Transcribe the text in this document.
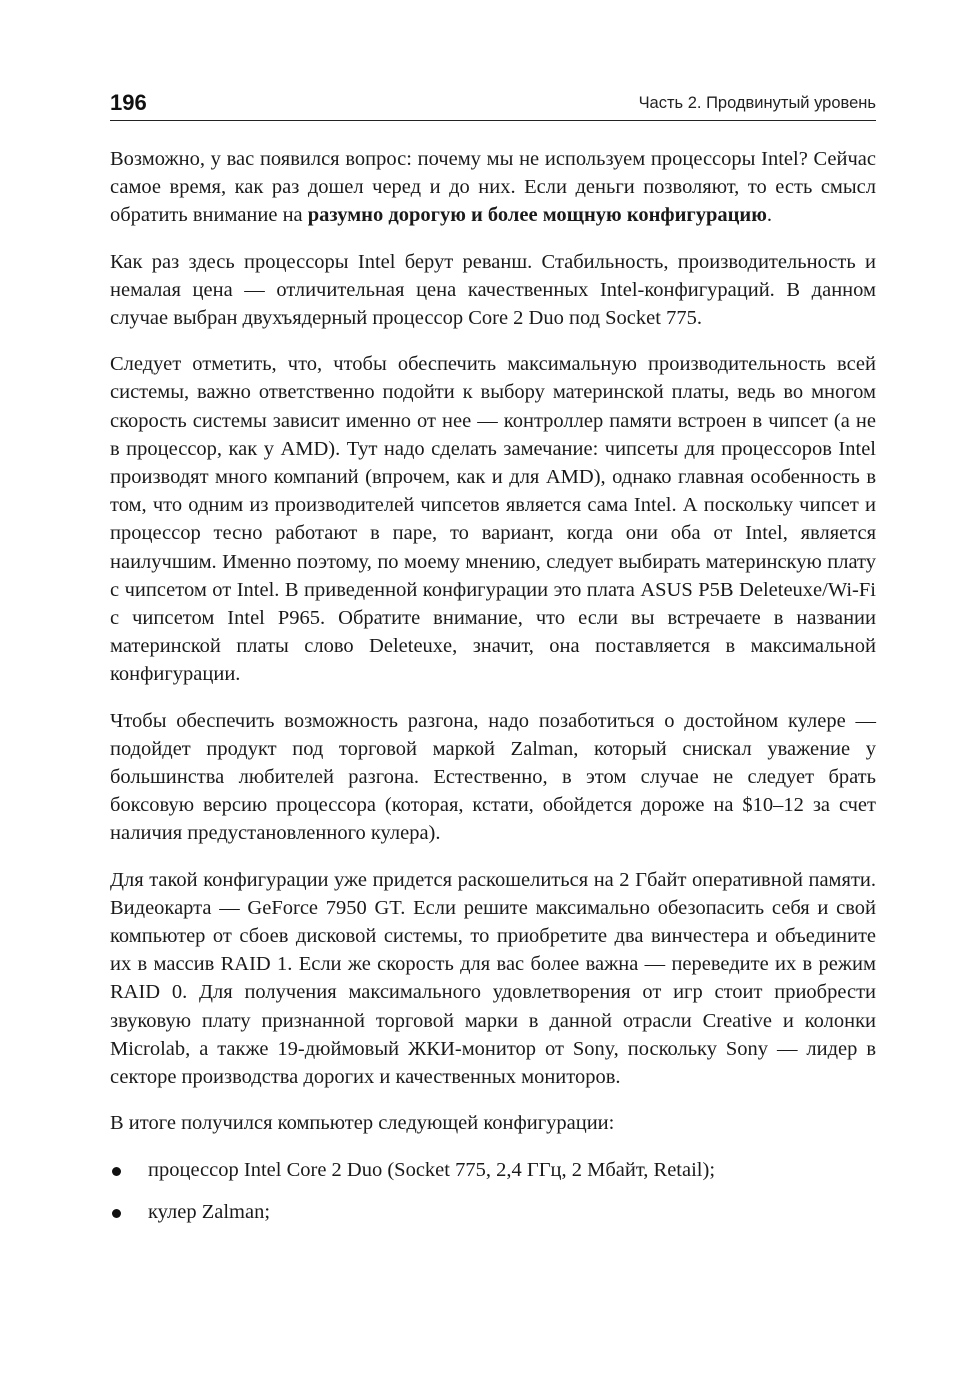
196	Часть 2. Продвинутый уровень

Возможно, у вас появился вопрос: почему мы не используем процессоры Intel? Сейчас самое время, как раз дошел черед и до них. Если деньги позволяют, то есть смысл обратить внимание на разумно дорогую и более мощную конфигурацию.

Как раз здесь процессоры Intel берут реванш. Стабильность, производительность и немалая цена — отличительная цена качественных Intel-конфигураций. В данном случае выбран двухъядерный процессор Core 2 Duo под Socket 775.

Следует отметить, что, чтобы обеспечить максимальную производительность всей системы, важно ответственно подойти к выбору материнской платы, ведь во многом скорость системы зависит именно от нее — контроллер памяти встроен в чипсет (а не в процессор, как у AMD). Тут надо сделать замечание: чипсеты для процессоров Intel производят много компаний (впрочем, как и для AMD), однако главная особенность в том, что одним из производителей чипсетов является сама Intel. А поскольку чипсет и процессор тесно работают в паре, то вариант, когда они оба от Intel, является наилучшим. Именно поэтому, по моему мнению, следует выбирать материнскую плату с чипсетом от Intel. В приведенной конфигурации это плата ASUS P5B Deleteuxe/Wi-Fi с чипсетом Intel P965. Обратите внимание, что если вы встречаете в названии материнской платы слово Deleteuxe, значит, она поставляется в максимальной конфигурации.

Чтобы обеспечить возможность разгона, надо позаботиться о достойном кулере — подойдет продукт под торговой маркой Zalman, который снискал уважение у большинства любителей разгона. Естественно, в этом случае не следует брать боксовую версию процессора (которая, кстати, обойдется дороже на $10–12 за счет наличия предустановленного кулера).

Для такой конфигурации уже придется раскошелиться на 2 Гбайт оперативной памяти. Видеокарта — GeForce 7950 GT. Если решите максимально обезопасить себя и свой компьютер от сбоев дисковой системы, то приобретите два винчестера и объедините их в массив RAID 1. Если же скорость для вас более важна — переведите их в режим RAID 0. Для получения максимального удовлетворения от игр стоит приобрести звуковую плату признанной торговой марки в данной отрасли Creative и колонки Microlab, а также 19-дюймовый ЖКИ-монитор от Sony, поскольку Sony — лидер в секторе производства дорогих и качественных мониторов.

В итоге получился компьютер следующей конфигурации:

процессор Intel Core 2 Duo (Socket 775, 2,4 ГГц, 2 Мбайт, Retail);
кулер Zalman;
